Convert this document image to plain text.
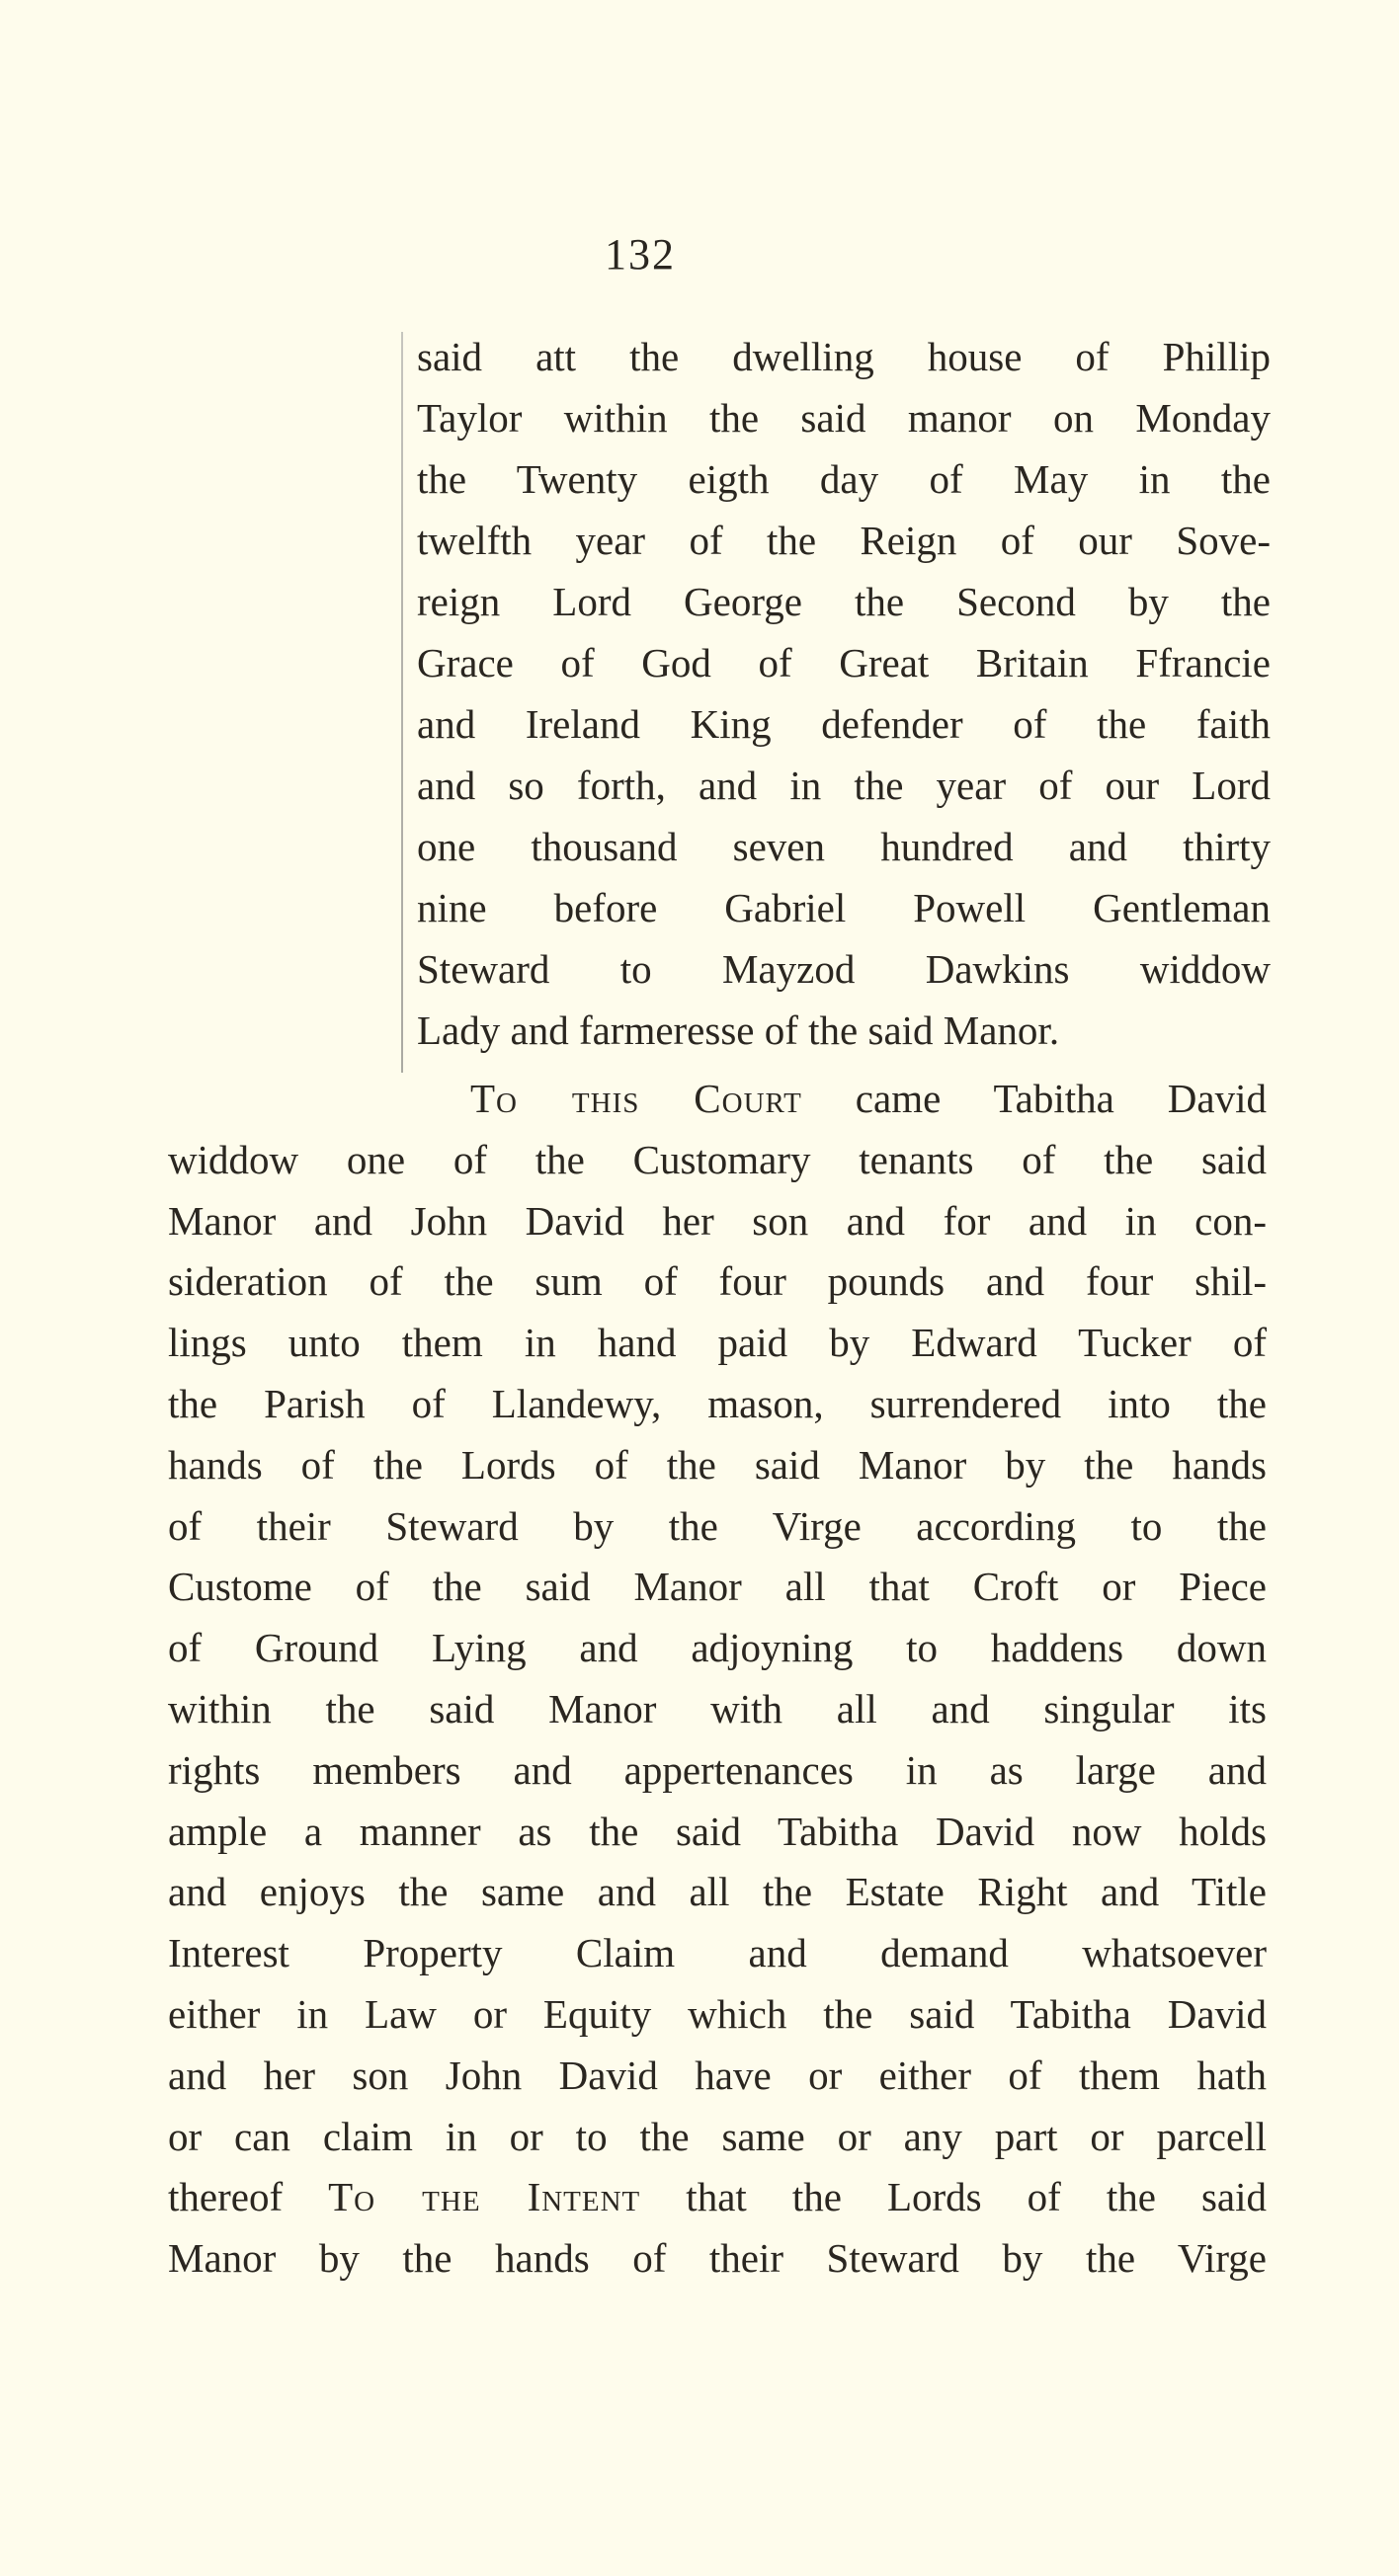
132
said att the dwelling house of Phillip
Taylor within the said manor on Monday
the Twenty eigth day of May in the
twelfth year of the Reign of our Sove-
reign Lord George the Second by the
Grace of God of Great Britain Ffrancie
and Ireland King defender of the faith
and so forth, and in the year of our Lord
one thousand seven hundred and thirty
nine before Gabriel Powell Gentleman
Steward to Mayzod Dawkins widdow
Lady and farmeresse of the said Manor.
To this Court came Tabitha David
widdow one of the Customary tenants of the said
Manor and John David her son and for and in con-
sideration of the sum of four pounds and four shil-
lings unto them in hand paid by Edward Tucker of
the Parish of Llandewy, mason, surrendered into the
hands of the Lords of the said Manor by the hands
of their Steward by the Virge according to the
Custome of the said Manor all that Croft or Piece
of Ground Lying and adjoyning to haddens down
within the said Manor with all and singular its
rights members and appertenances in as large and
ample a manner as the said Tabitha David now holds
and enjoys the same and all the Estate Right and Title
Interest Property Claim and demand whatsoever
either in Law or Equity which the said Tabitha David
and her son John David have or either of them hath
or can claim in or to the same or any part or parcell
thereof To the Intent that the Lords of the said
Manor by the hands of their Steward by the Virge
